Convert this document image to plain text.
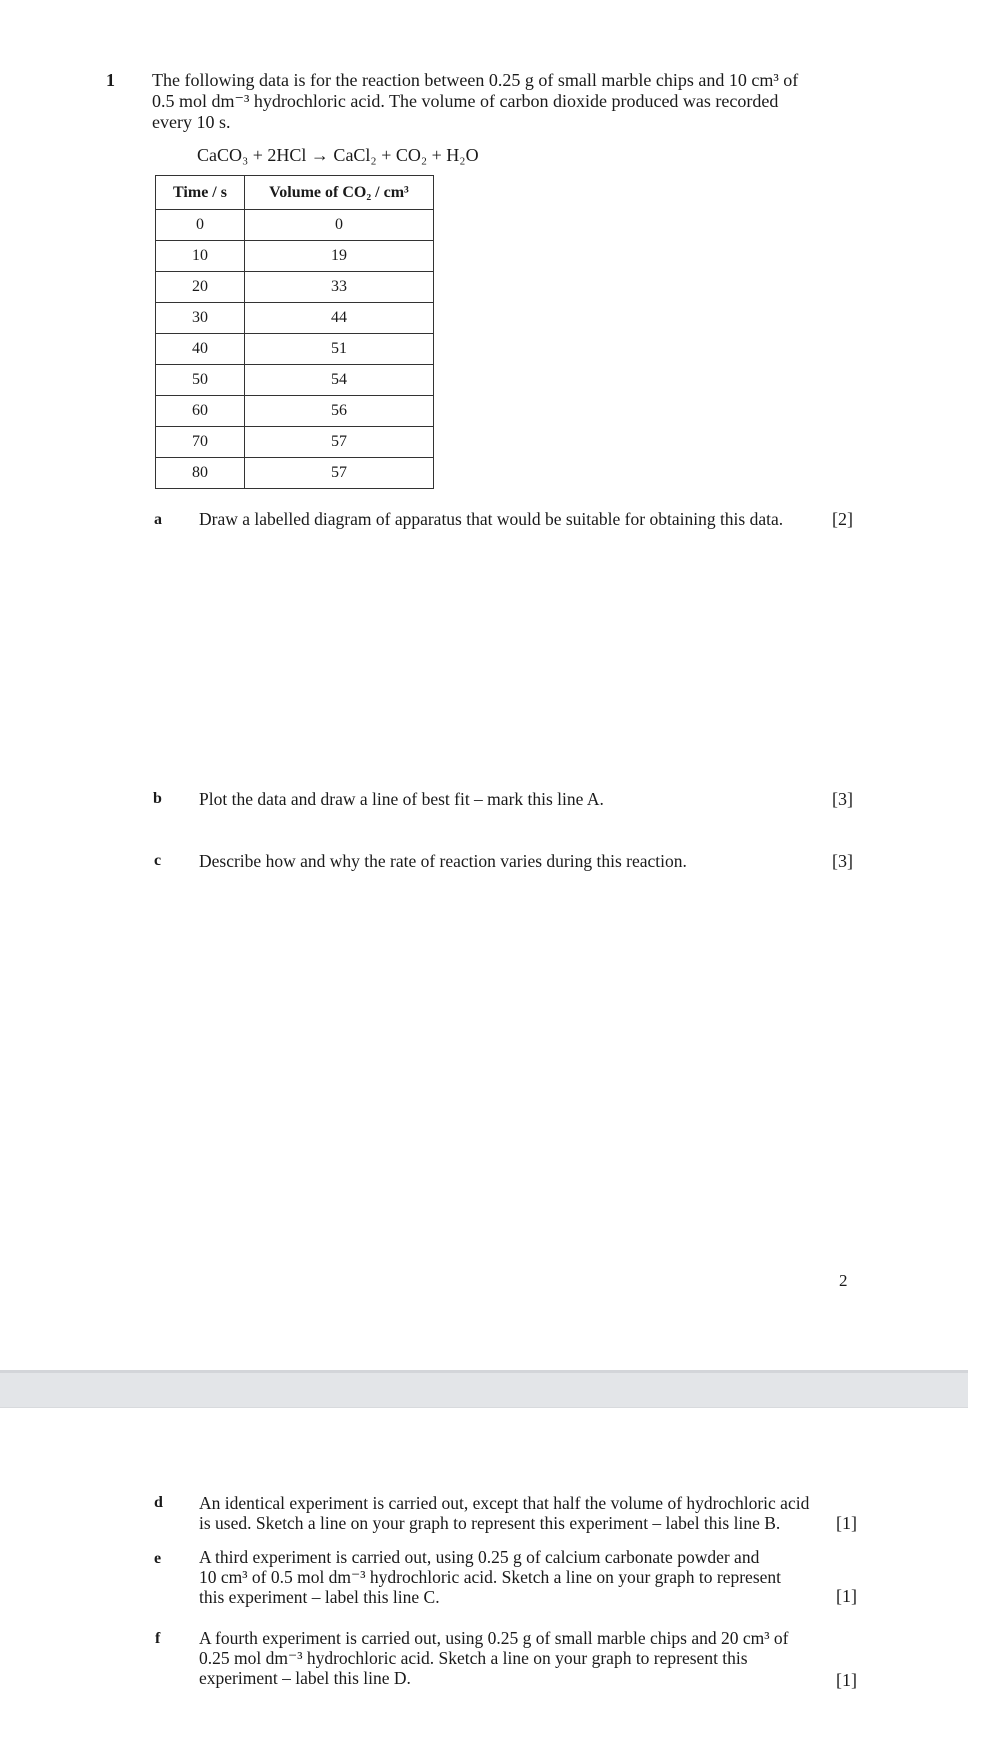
1 The following data is for the reaction between 0.25 g of small marble chips and 10 cm³ of
0.5 mol dm⁻³ hydrochloric acid. The volume of carbon dioxide produced was recorded
every 10 s.
CaCO₃ + 2HCl → CaCl₂ + CO₂ + H₂O
Time / s	Volume of CO₂ / cm³
0	0
10	19
20	33
30	44
40	51
50	54
60	56
70	57
80	57
a Draw a labelled diagram of apparatus that would be suitable for obtaining this data.	[2]
b Plot the data and draw a line of best fit – mark this line A.	[3]
c Describe how and why the rate of reaction varies during this reaction.	[3]
2
d An identical experiment is carried out, except that half the volume of hydrochloric acid
is used. Sketch a line on your graph to represent this experiment – label this line B.	[1]
e A third experiment is carried out, using 0.25 g of calcium carbonate powder and
10 cm³ of 0.5 mol dm⁻³ hydrochloric acid. Sketch a line on your graph to represent
this experiment – label this line C.	[1]
f A fourth experiment is carried out, using 0.25 g of small marble chips and 20 cm³ of
0.25 mol dm⁻³ hydrochloric acid. Sketch a line on your graph to represent this
experiment – label this line D.	[1]
